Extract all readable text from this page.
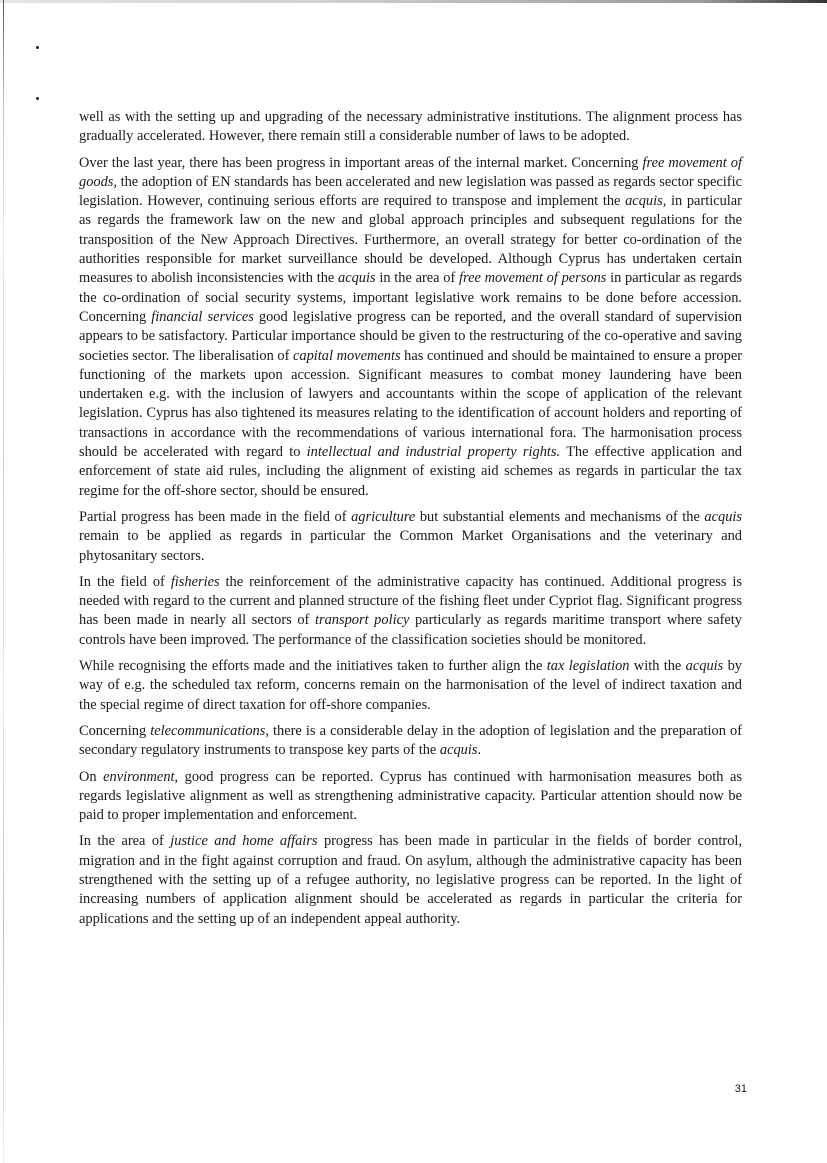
well as with the setting up and upgrading of the necessary administrative institutions. The alignment process has gradually accelerated. However, there remain still a considerable number of laws to be adopted.

Over the last year, there has been progress in important areas of the internal market. Concerning free movement of goods, the adoption of EN standards has been accelerated and new legislation was passed as regards sector specific legislation. However, continuing serious efforts are required to transpose and implement the acquis, in particular as regards the framework law on the new and global approach principles and subsequent regulations for the transposition of the New Approach Directives. Furthermore, an overall strategy for better co-ordination of the authorities responsible for market surveillance should be developed. Although Cyprus has undertaken certain measures to abolish inconsistencies with the acquis in the area of free movement of persons in particular as regards the co-ordination of social security systems, important legislative work remains to be done before accession. Concerning financial services good legislative progress can be reported, and the overall standard of supervision appears to be satisfactory. Particular importance should be given to the restructuring of the co-operative and saving societies sector. The liberalisation of capital movements has continued and should be maintained to ensure a proper functioning of the markets upon accession. Significant measures to combat money laundering have been undertaken e.g. with the inclusion of lawyers and accountants within the scope of application of the relevant legislation. Cyprus has also tightened its measures relating to the identification of account holders and reporting of transactions in accordance with the recommendations of various international fora. The harmonisation process should be accelerated with regard to intellectual and industrial property rights. The effective application and enforcement of state aid rules, including the alignment of existing aid schemes as regards in particular the tax regime for the off-shore sector, should be ensured.

Partial progress has been made in the field of agriculture but substantial elements and mechanisms of the acquis remain to be applied as regards in particular the Common Market Organisations and the veterinary and phytosanitary sectors.

In the field of fisheries the reinforcement of the administrative capacity has continued. Additional progress is needed with regard to the current and planned structure of the fishing fleet under Cypriot flag. Significant progress has been made in nearly all sectors of transport policy particularly as regards maritime transport where safety controls have been improved. The performance of the classification societies should be monitored.

While recognising the efforts made and the initiatives taken to further align the tax legislation with the acquis by way of e.g. the scheduled tax reform, concerns remain on the harmonisation of the level of indirect taxation and the special regime of direct taxation for off-shore companies.

Concerning telecommunications, there is a considerable delay in the adoption of legislation and the preparation of secondary regulatory instruments to transpose key parts of the acquis.

On environment, good progress can be reported. Cyprus has continued with harmonisation measures both as regards legislative alignment as well as strengthening administrative capacity. Particular attention should now be paid to proper implementation and enforcement.

In the area of justice and home affairs progress has been made in particular in the fields of border control, migration and in the fight against corruption and fraud. On asylum, although the administrative capacity has been strengthened with the setting up of a refugee authority, no legislative progress can be reported. In the light of increasing numbers of application alignment should be accelerated as regards in particular the criteria for applications and the setting up of an independent appeal authority.

31
